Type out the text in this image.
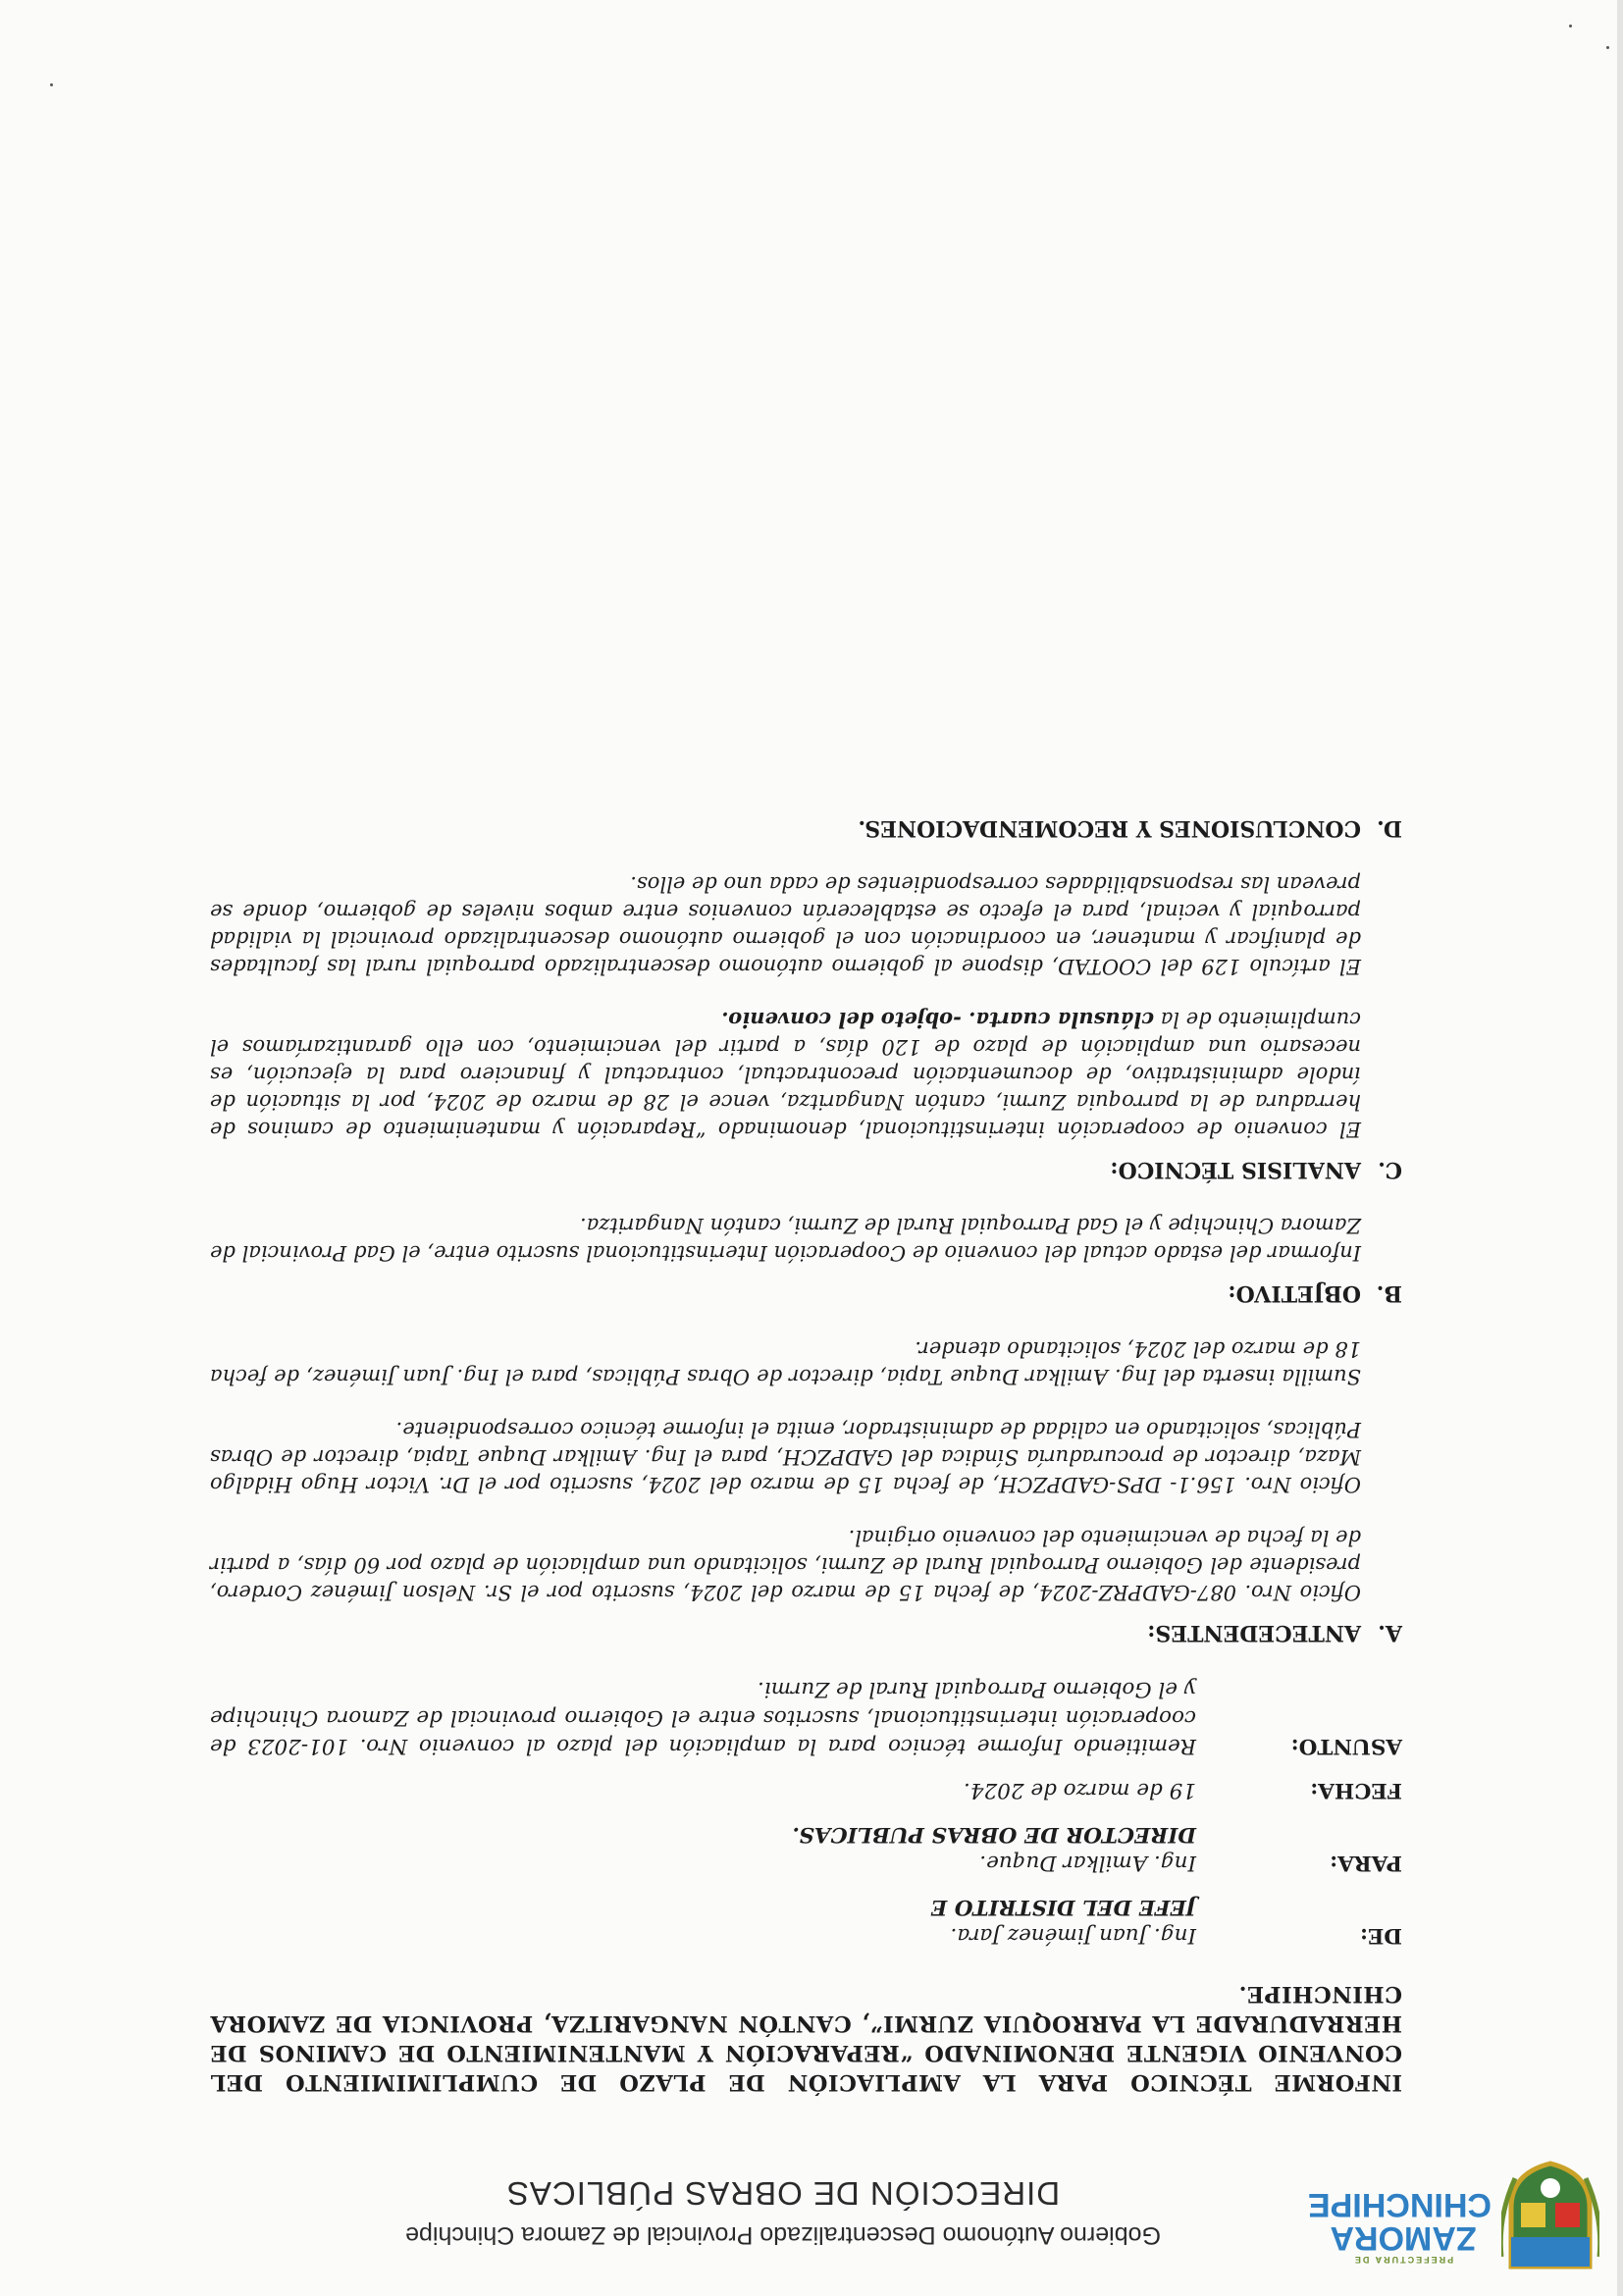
PREFECTURA DE
ZAMORA
CHINCHIPE
Gobierno Autónomo Descentralizado Provincial de Zamora Chinchipe
DIRECCIÓN DE OBRAS PÚBLICAS
INFORME TÉCNICO PARA LA AMPLIACIÓN DE PLAZO DE CUMPLIMIMIENTO DEL CONVENIO VIGENTE DENOMINADO “REPARACIÓN Y MANTENIMIENTO DE CAMINOS DE HERRADURADE LA PARROQUIA ZURMI”, CANTÓN NANGARITZA, PROVINCIA DE ZAMORA CHINCHIPE.
DE:
Ing. Juan Jiménez Jara.
JEFE DEL DISTRITO E
PARA:
Ing. Amilkar Duque.
DIRECTOR DE OBRAS PUBLICAS.
FECHA:
19 de marzo de 2024.
ASUNTO:
Remitiendo Informe técnico para la ampliación del plazo al convenio Nro. 101-2023 de cooperación interinstitucional, suscritos entre el Gobierno provincial de Zamora Chinchipe y el Gobierno Parroquial Rural de Zurmi.
A.
ANTECEDENTES:
Oficio Nro. 087-GADPRZ-2024, de fecha 15 de marzo del 2024, suscrito por el Sr. Nelson Jiménez Cordero, presidente del Gobierno Parroquial Rural de Zurmi, solicitando una ampliación de plazo por 60 días, a partir de la fecha de vencimiento del convenio original.
Oficio Nro. 156.1- DPS-GADPZCH, de fecha 15 de marzo del 2024, suscrito por el Dr. Victor Hugo Hidalgo Maza, director de procuraduría Síndica del GADPZCH, para el Ing. Amilkar Duque Tapia, director de Obras Públicas, solicitando en calidad de administrador, emita el informe técnico correspondiente.
Sumilla inserta del Ing. Amilkar Duque Tapia, director de Obras Públicas, para el Ing. Juan Jiménez, de fecha 18 de marzo del 2024, solicitando atender.
B.
OBJETIVO:
Informar del estado actual del convenio de Cooperación Interinstitucional suscrito entre, el Gad Provincial de Zamora Chinchipe y el Gad Parroquial Rural de Zurmi, cantón Nangaritza.
C.
ANALISIS TÉCNICO:
El convenio de cooperación interinstitucional, denominado “Reparación y mantenimiento de caminos de herradura de la parroquia Zurmi, cantón Nangaritza, vence el 28 de marzo de 2024, por la situación de índole administrativo, de documentación precontractual, contractual y financiero para la ejecución, es necesario una ampliación de plazo de 120 días, a partir del vencimiento, con ello garantizaríamos el cumplimiento de la cláusula cuarta. -objeto del convenio.
El artículo 129 del COOTAD, dispone al gobierno autónomo descentralizado parroquial rural las facultades de planificar y mantener, en coordinación con el gobierno autónomo descentralizado provincial la vialidad parroquial y vecinal, para el efecto se establecerán convenios entre ambos niveles de gobierno, donde se prevean las responsabilidades correspondientes de cada uno de ellos.
D.
CONCLUSIONES Y RECOMENDACIONES.
